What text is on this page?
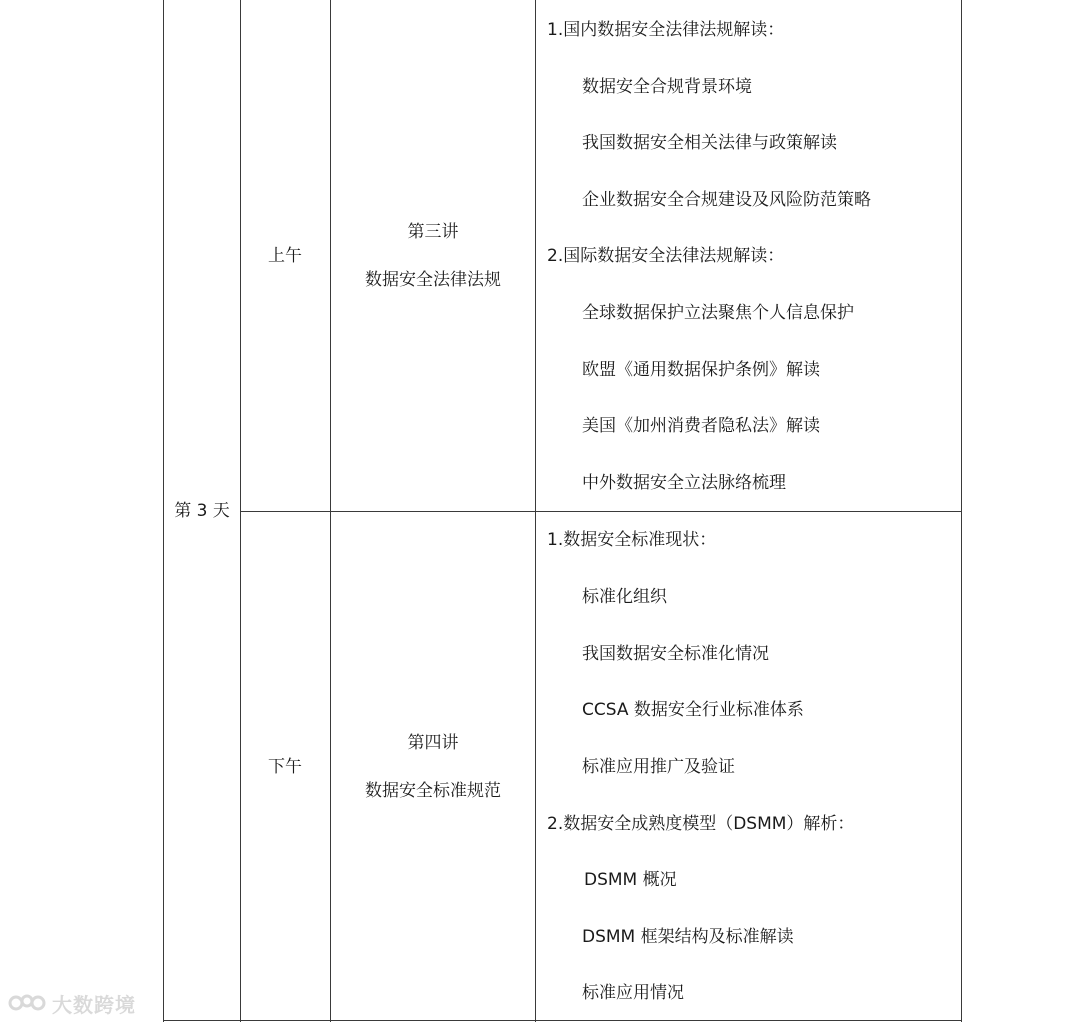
第 3 天
上午
第三讲
数据安全法律法规
1.国内数据安全法律法规解读：
数据安全合规背景环境
我国数据安全相关法律与政策解读
企业数据安全合规建设及风险防范策略
2.国际数据安全法律法规解读：
全球数据保护立法聚焦个人信息保护
欧盟《通用数据保护条例》解读
美国《加州消费者隐私法》解读
中外数据安全立法脉络梳理
下午
第四讲
数据安全标准规范
1.数据安全标准现状：
标准化组织
我国数据安全标准化情况
CCSA 数据安全行业标准体系
标准应用推广及验证
2.数据安全成熟度模型（DSMM）解析：
DSMM 概况
DSMM 框架结构及标准解读
标准应用情况
大数跨境
